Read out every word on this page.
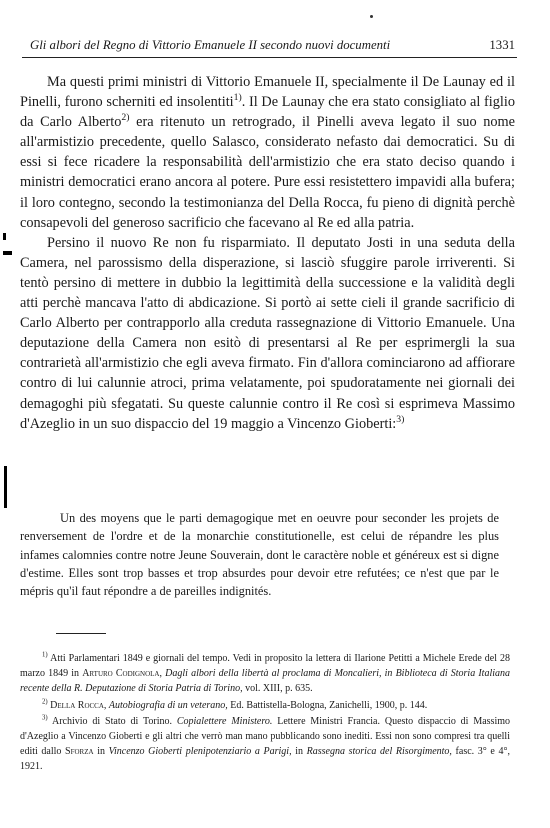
Gli albori del Regno di Vittorio Emanuele II secondo nuovi documenti	1331

Ma questi primi ministri di Vittorio Emanuele II, specialmente il De Launay ed il Pinelli, furono scherniti ed insolentiti$^{1)}$. Il De Launay che era stato consigliato al figlio da Carlo Alberto$^{2)}$ era ritenuto un retrogrado, il Pinelli aveva legato il suo nome all'armistizio precedente, quello Salasco, considerato nefasto dai democratici. Su di essi si fece ricadere la responsabilità dell'armistizio che era stato deciso quando i ministri democratici erano ancora al potere. Pure essi resistettero impavidi alla bufera; il loro contegno, secondo la testimonianza del Della Rocca, fu pieno di dignità perchè consapevoli del generoso sacrificio che facevano al Re ed alla patria.

Persino il nuovo Re non fu risparmiato. Il deputato Josti in una seduta della Camera, nel parossismo della disperazione, si lasciò sfuggire parole irriverenti. Si tentò persino di mettere in dubbio la legittimità della successione e la validità degli atti perchè mancava l'atto di abdicazione. Si portò ai sette cieli il grande sacrificio di Carlo Alberto per contrapporlo alla creduta rassegnazione di Vittorio Emanuele. Una deputazione della Camera non esitò di presentarsi al Re per esprimergli la sua contrarietà all'armistizio che egli aveva firmato. Fin d'allora cominciarono ad affiorare contro di lui calunnie atroci, prima velatamente, poi spudoratamente nei giornali dei demagoghi più sfegatati. Su queste calunnie contro il Re così si esprimeva Massimo d'Azeglio in un suo dispaccio del 19 maggio a Vincenzo Gioberti:$^{3)}$

Un des moyens que le parti demagogique met en oeuvre pour seconder les projets de renversement de l'ordre et de la monarchie constitutionelle, est celui de répandre les plus infames calomnies contre notre Jeune Souverain, dont le caractère noble et généreux est si digne d'estime. Elles sont trop basses et trop absurdes pour devoir etre refutées; ce n'est que par le mépris qu'il faut répondre a de pareilles indignités.

$^{1)}$ Atti Parlamentari 1849 e giornali del tempo. Vedi in proposito la lettera di Ilarione Petitti a Michele Erede del 28 marzo 1849 in Arturo Codignola, Dagli albori della libertà al proclama di Moncalieri, in Biblioteca di Storia Italiana recente della R. Deputazione di Storia Patria di Torino, vol. XIII, p. 635.

$^{2)}$ Della Rocca, Autobiografia di un veterano, Ed. Battistella-Bologna, Zanichelli, 1900, p. 144.

$^{3)}$ Archivio di Stato di Torino. Copialettere Ministero. Lettere Ministri Francia. Questo dispaccio di Massimo d'Azeglio a Vincenzo Gioberti e gli altri che verrò man mano pubblicando sono inediti. Essi non sono compresi tra quelli editi dallo Sforza in Vincenzo Gioberti plenipotenziario a Parigi, in Rassegna storica del Risorgimento, fasc. 3° e 4°, 1921.
